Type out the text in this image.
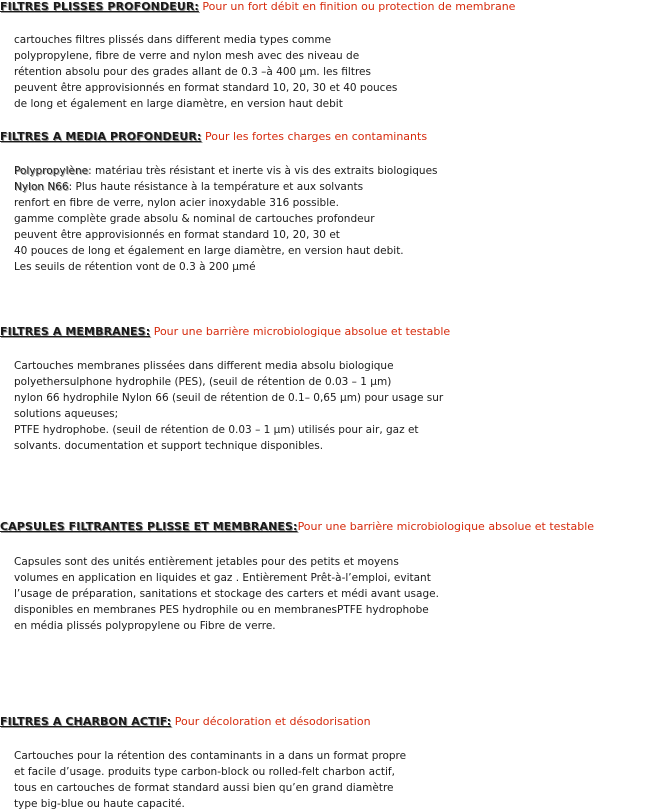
FILTRES PLISSES PROFONDEUR: Pour un fort débit en finition ou protection de membrane
cartouches filtres plissés dans different media types comme
polypropylene, fibre de verre and nylon mesh avec des niveau de
rétention absolu pour des grades allant de 0.3 –à 400 µm. les filtres
peuvent être approvisionnés en format standard 10, 20, 30 et 40 pouces
de long et également en large diamètre, en version haut debit
FILTRES A MEDIA PROFONDEUR: Pour les fortes charges en contaminants
Polypropylène: matériau très résistant et inerte vis à vis des extraits biologiques
Nylon N66: Plus haute résistance à la température et aux solvants
renfort en fibre de verre, nylon acier inoxydable 316 possible.
gamme complète grade absolu & nominal de cartouches profondeur
peuvent être approvisionnés en format standard 10, 20, 30 et
40 pouces de long et également en large diamètre, en version haut debit.
Les seuils de rétention vont de 0.3 à 200 µmé
FILTRES A MEMBRANES: Pour une barrière microbiologique absolue et testable
Cartouches membranes plissées dans different media absolu biologique
polyethersulphone hydrophile (PES), (seuil de rétention de 0.03 – 1 µm)
nylon 66 hydrophile Nylon 66 (seuil de rétention de 0.1– 0,65 µm) pour usage sur
solutions aqueuses;
PTFE hydrophobe. (seuil de rétention de 0.03 – 1 µm) utilisés pour air, gaz et
solvants. documentation et support technique disponibles.
CAPSULES FILTRANTES PLISSE ET MEMBRANES:Pour une barrière microbiologique absolue et testable
Capsules sont des unités entièrement jetables pour des petits et moyens
volumes en application en liquides et gaz . Entièrement Prêt-à-l’emploi, evitant
l’usage de préparation, sanitations et stockage des carters et médi avant usage.
disponibles en membranes PES hydrophile ou en membranesPTFE hydrophobe
en média plissés polypropylene ou Fibre de verre.
FILTRES A CHARBON ACTIF: Pour décoloration et désodorisation
Cartouches pour la rétention des contaminants in a dans un format propre
et facile d’usage. produits type carbon-block ou rolled-felt charbon actif,
tous en cartouches de format standard aussi bien qu’en grand diamètre
type big-blue ou haute capacité.
